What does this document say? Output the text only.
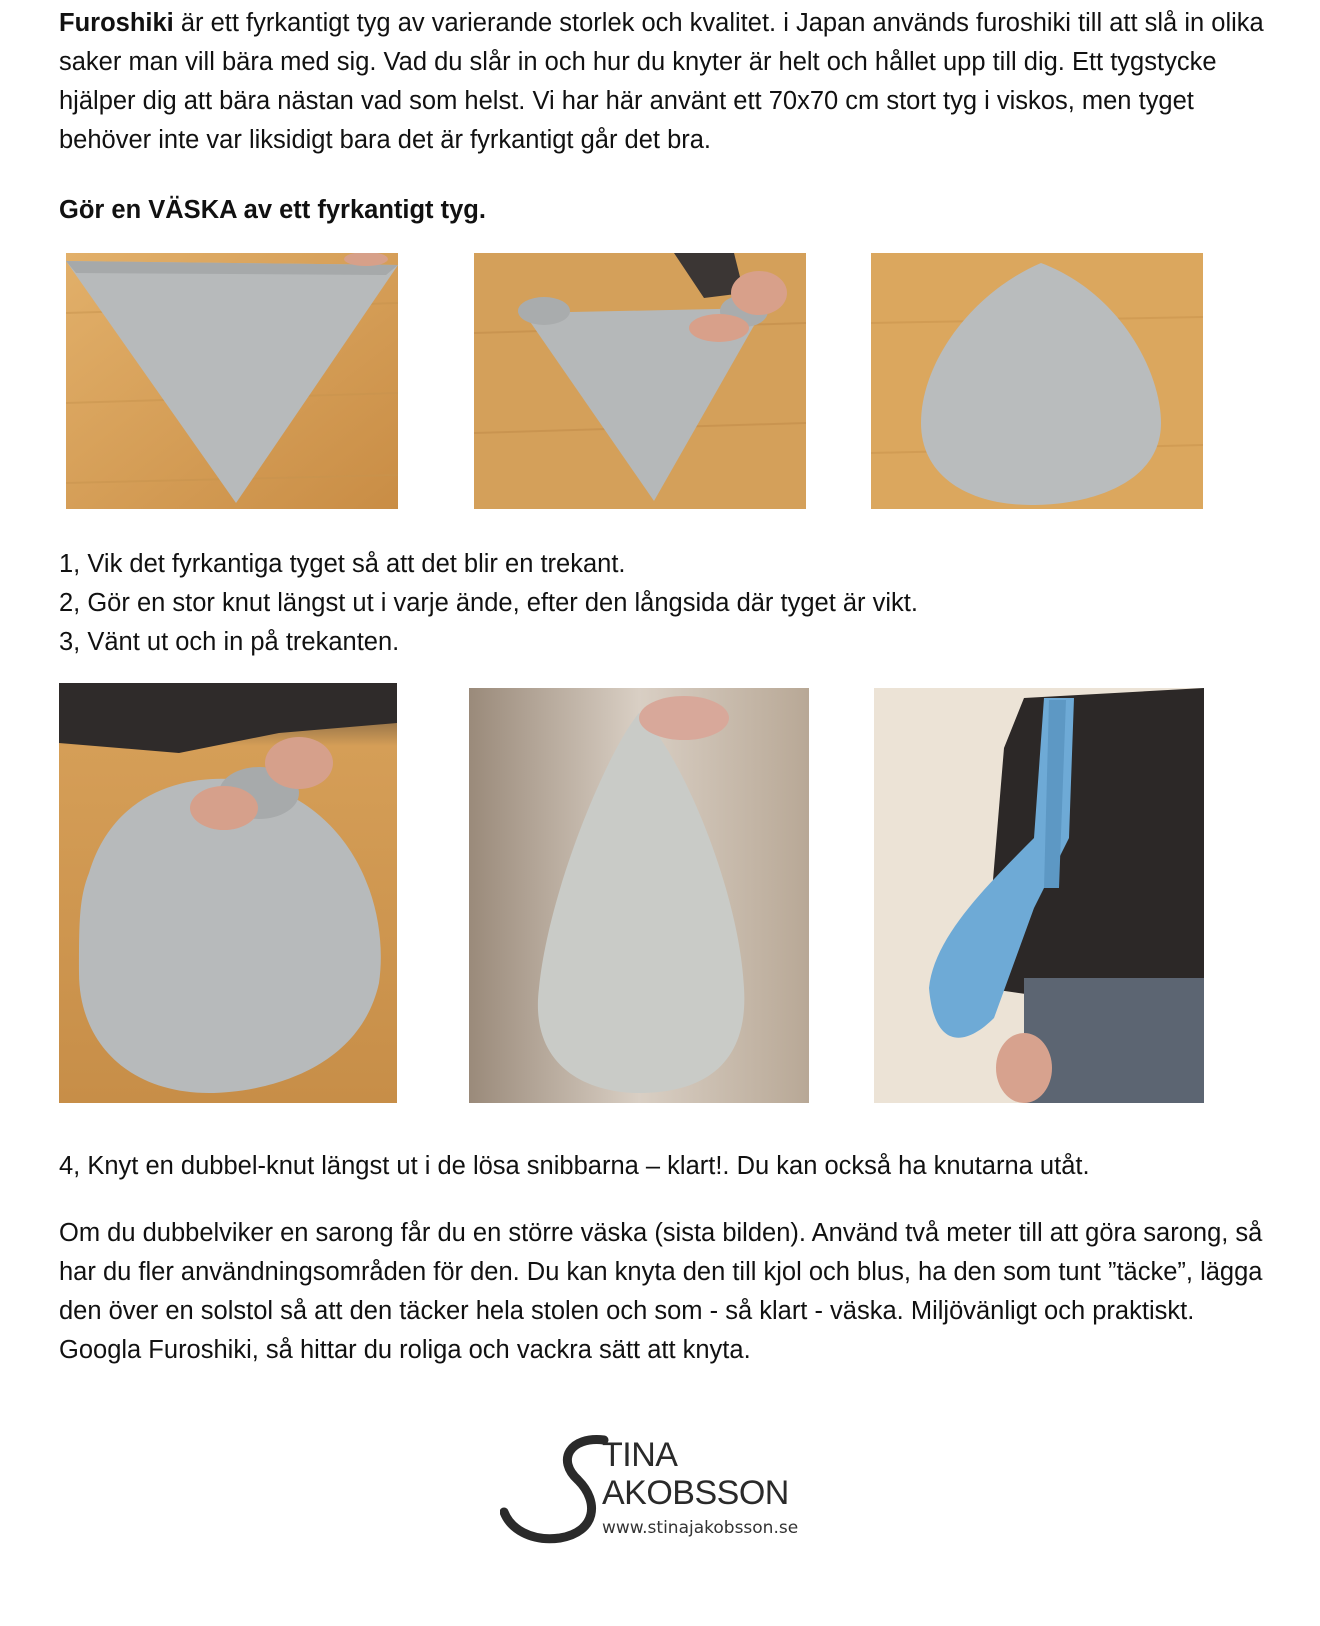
Furoshiki är ett fyrkantigt tyg av varierande storlek och kvalitet. i Japan används furoshiki till att slå in olika saker man vill bära med sig. Vad du slår in och hur du knyter är helt och hållet upp till dig. Ett tygstycke hjälper dig att bära nästan vad som helst. Vi har här använt ett 70x70 cm stort tyg i viskos, men tyget behöver inte var liksidigt bara det är fyrkantigt går det bra.
Gör en VÄSKA av ett fyrkantigt tyg.
1, Vik det fyrkantiga tyget så att det blir en trekant.
2, Gör en stor knut längst ut i varje ände, efter den långsida där tyget är vikt.
3, Vänt ut och in på trekanten.
4, Knyt en dubbel-knut längst ut i de lösa snibbarna – klart!. Du kan också ha knutarna utåt.
Om du dubbelviker en sarong får du en större väska (sista bilden). Använd två meter till att göra sarong, så har du fler användningsområden för den. Du kan knyta den till kjol och blus, ha den som tunt ”täcke”, lägga den över en solstol så att den täcker hela stolen och som - så klart - väska. Miljövänligt och praktiskt. Googla Furoshiki, så hittar du roliga och vackra sätt att knyta.
TINA
AKOBSSON
www.stinajakobsson.se
